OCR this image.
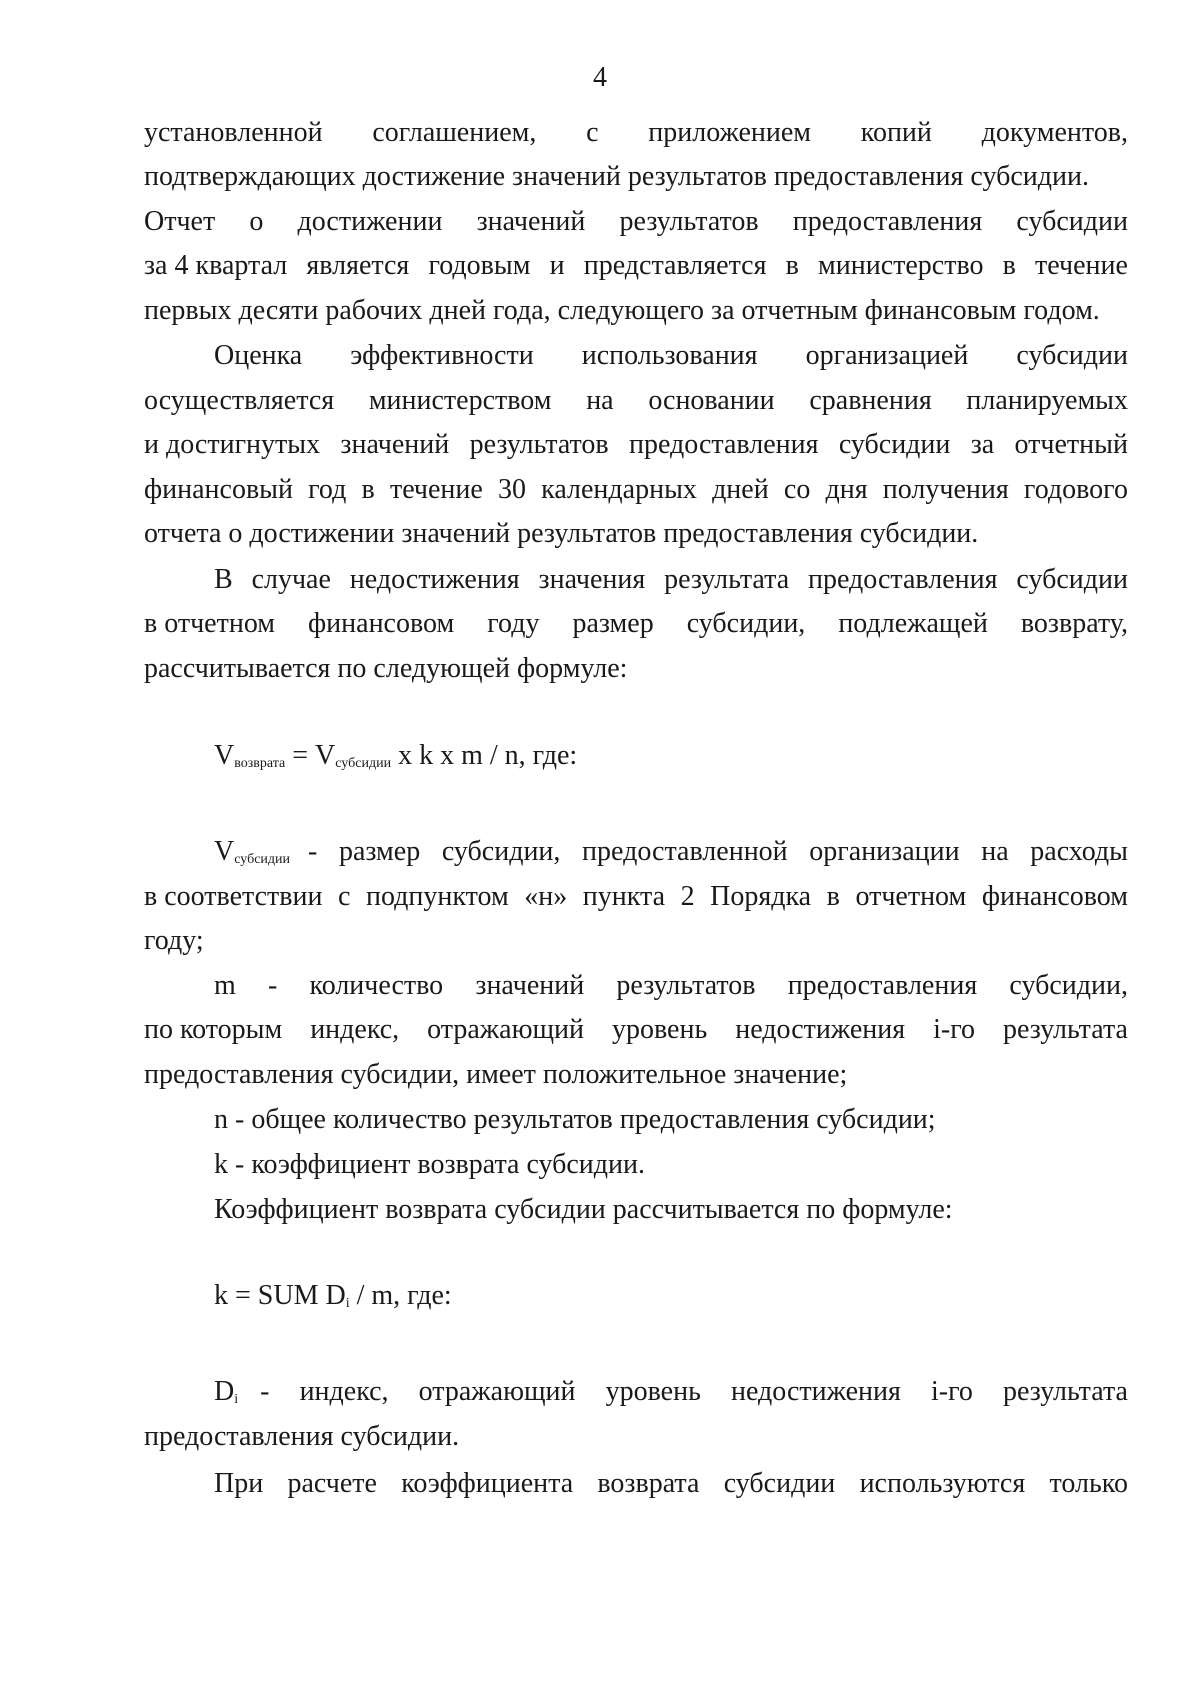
4
установленной соглашением, с приложением копий документов,
подтверждающих достижение значений результатов предоставления субсидии.
Отчет о достижении значений результатов предоставления субсидии
за 4 квартал является годовым и представляется в министерство в течение
первых десяти рабочих дней года, следующего за отчетным финансовым годом.
Оценка эффективности использования организацией субсидии
осуществляется министерством на основании сравнения планируемых
и достигнутых значений результатов предоставления субсидии за отчетный
финансовый год в течение 30 календарных дней со дня получения годового
отчета о достижении значений результатов предоставления субсидии.
В случае недостижения значения результата предоставления субсидии
в отчетном финансовом году размер субсидии, подлежащей возврату,
рассчитывается по следующей формуле:
$V_{возврата} = V_{субсидии}$ x k x m / n, где:
$V_{субсидии}$ - размер субсидии, предоставленной организации на расходы
в соответствии с подпунктом «н» пункта 2 Порядка в отчетном финансовом
году;
m - количество значений результатов предоставления субсидии,
по которым индекс, отражающий уровень недостижения i-го результата
предоставления субсидии, имеет положительное значение;
n - общее количество результатов предоставления субсидии;
k - коэффициент возврата субсидии.
Коэффициент возврата субсидии рассчитывается по формуле:
k = SUM $D_i$ / m, где:
$D_i$ - индекс, отражающий уровень недостижения i-го результата
предоставления субсидии.
При расчете коэффициента возврата субсидии используются только
